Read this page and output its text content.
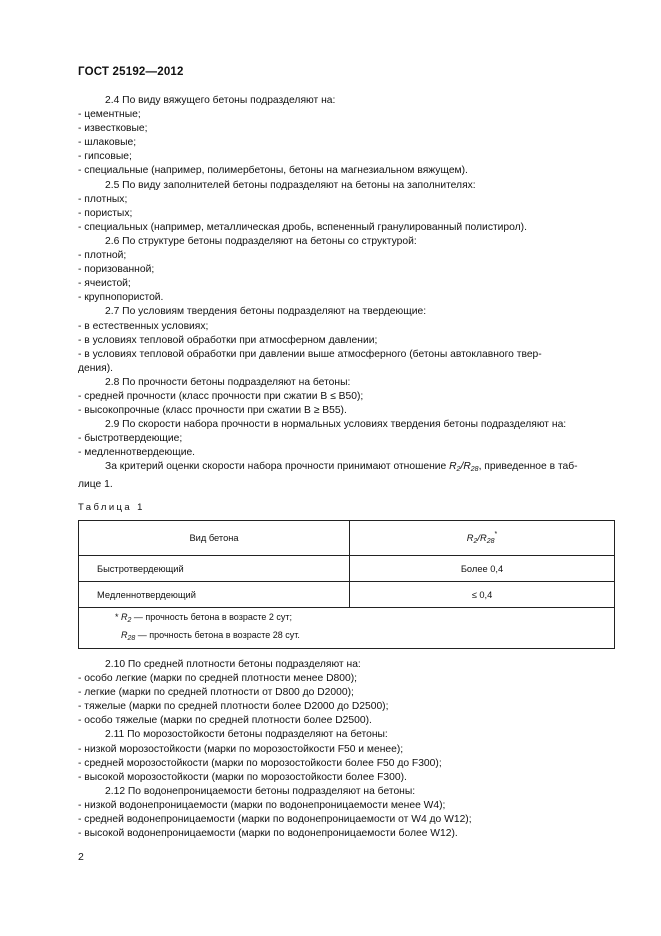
ГОСТ 25192—2012

2.4 По виду вяжущего бетоны подразделяют на:

- цементные;

- известковые;

- шлаковые;

- гипсовые;

- специальные (например, полимербетоны, бетоны на магнезиальном вяжущем).

2.5 По виду заполнителей бетоны подразделяют на бетоны на заполнителях:

- плотных;

- пористых;

- специальных (например, металлическая дробь, вспененный гранулированный полистирол).

2.6 По структуре бетоны подразделяют на бетоны со структурой:

- плотной;

- поризованной;

- ячеистой;

- крупнопористой.

2.7 По условиям твердения бетоны подразделяют на твердеющие:

- в естественных условиях;

- в условиях тепловой обработки при атмосферном давлении;

- в условиях тепловой обработки при давлении выше атмосферного (бетоны автоклавного твер-

дения).

2.8 По прочности бетоны подразделяют на бетоны:

- средней прочности (класс прочности при сжатии В ≤ В50);

- высокопрочные (класс прочности при сжатии В ≥ В55).

2.9 По скорости набора прочности в нормальных условиях твердения бетоны подразделяют на:

- быстротвердеющие;

- медленнотвердеющие.

За критерий оценки скорости набора прочности принимают отношение $R_2/R_{28}$, приведенное в таб-

лице 1.

Таблица 1
Вид бетона	$R_2/R_{28}^*$
Быстротвердеющий	Более 0,4
Медленнотвердеющий	≤ 0,4

* $R_2$ — прочность бетона в возрасте 2 сут;
$R_{28}$ — прочность бетона в возрасте 28 сут.	

2.10 По средней плотности бетоны подразделяют на:

- особо легкие (марки по средней плотности менее D800);

- легкие (марки по средней плотности от D800 до D2000);

- тяжелые (марки по средней плотности более D2000 до D2500);

- особо тяжелые (марки по средней плотности более D2500).

2.11 По морозостойкости бетоны подразделяют на бетоны:

- низкой морозостойкости (марки по морозостойкости F50 и менее);

- средней морозостойкости (марки по морозостойкости более F50 до F300);

- высокой морозостойкости (марки по морозостойкости более F300).

2.12 По водонепроницаемости бетоны подразделяют на бетоны:

- низкой водонепроницаемости (марки по водонепроницаемости менее W4);

- средней водонепроницаемости (марки по водонепроницаемости от W4 до W12);

- высокой водонепроницаемости (марки по водонепроницаемости более W12).

2
